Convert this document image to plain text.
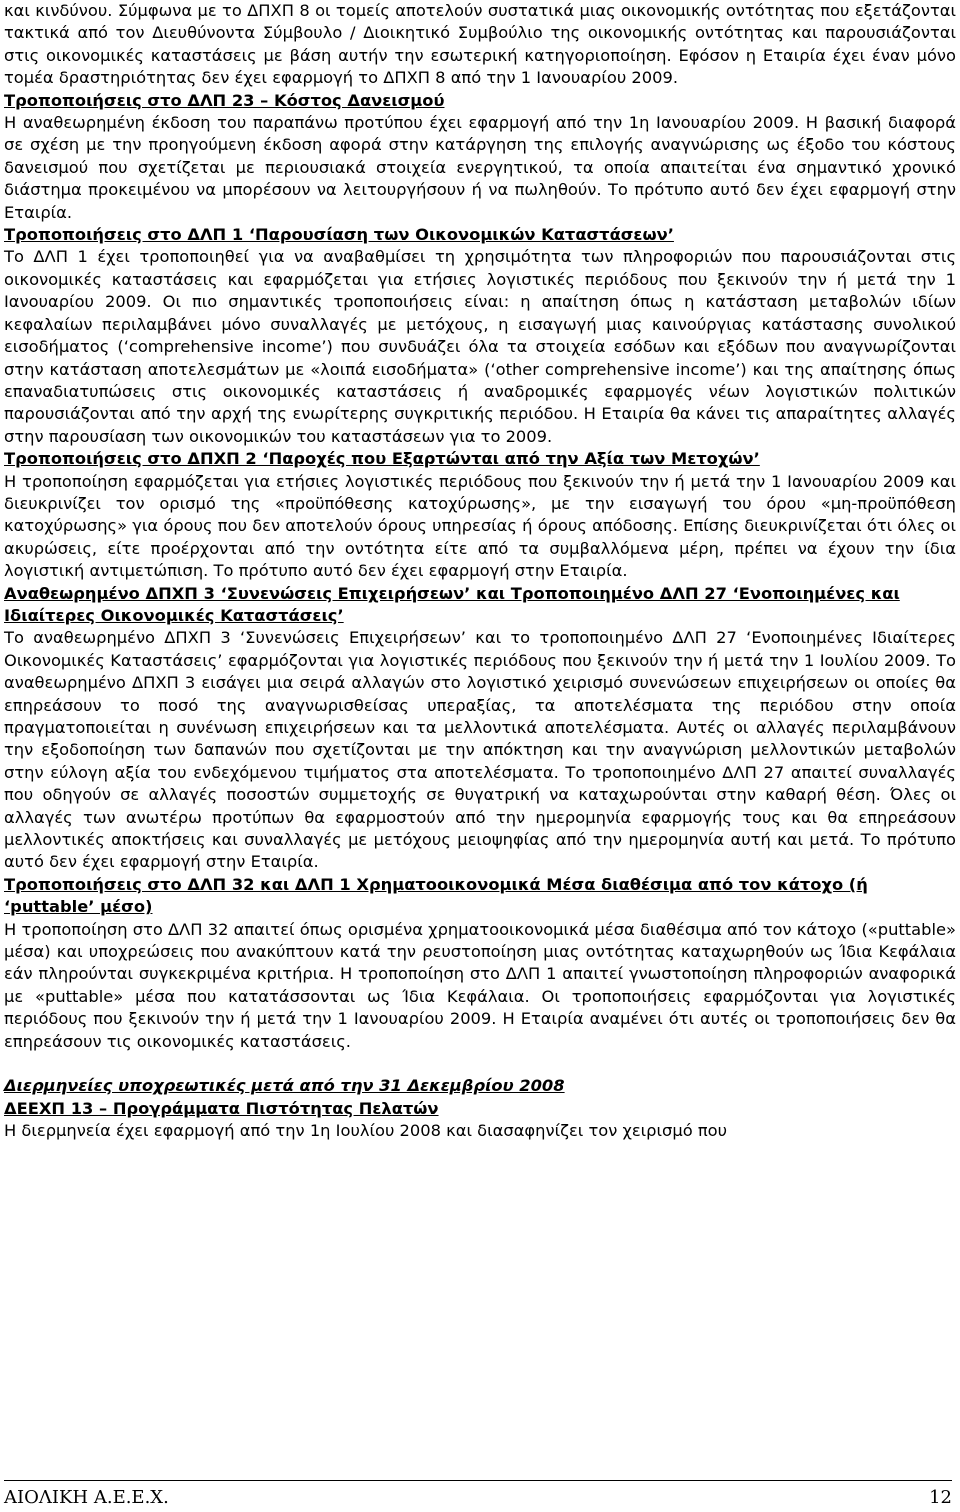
και κινδύνου. Σύμφωνα με το ΔΠΧΠ 8 οι τομείς αποτελούν συστατικά μιας οικονομικής οντότητας που εξετάζονται τακτικά από τον Διευθύνοντα Σύμβουλο / Διοικητικό Συμβούλιο της οικονομικής οντότητας και παρουσιάζονται στις οικονομικές καταστάσεις με βάση αυτήν την εσωτερική κατηγοριοποίηση. Εφόσον η Εταιρία έχει έναν μόνο τομέα δραστηριότητας δεν έχει εφαρμογή το ΔΠΧΠ 8 από την 1 Ιανουαρίου 2009.

Τροποποιήσεις στο ΔΛΠ 23 – Κόστος Δανεισμού

Η αναθεωρημένη έκδοση του παραπάνω προτύπου έχει εφαρμογή από την 1η Ιανουαρίου 2009. Η βασική διαφορά σε σχέση με την προηγούμενη έκδοση αφορά στην κατάργηση της επιλογής αναγνώρισης ως έξοδο του κόστους δανεισμού που σχετίζεται με περιουσιακά στοιχεία ενεργητικού, τα οποία απαιτείται ένα σημαντικό χρονικό διάστημα προκειμένου να μπορέσουν να λειτουργήσουν ή να πωληθούν. Το πρότυπο αυτό δεν έχει εφαρμογή στην Εταιρία.

Τροποποιήσεις στο ΔΛΠ 1 ‘Παρουσίαση των Οικονομικών Καταστάσεων’

Το ΔΛΠ 1 έχει τροποποιηθεί για να αναβαθμίσει τη χρησιμότητα των πληροφοριών που παρουσιάζονται στις οικονομικές καταστάσεις και εφαρμόζεται για ετήσιες λογιστικές περιόδους που ξεκινούν την ή μετά την 1 Ιανουαρίου 2009. Οι πιο σημαντικές τροποποιήσεις είναι: η απαίτηση όπως η κατάσταση μεταβολών ιδίων κεφαλαίων περιλαμβάνει μόνο συναλλαγές με μετόχους, η εισαγωγή μιας καινούργιας κατάστασης συνολικού εισοδήματος (‘comprehensive income’) που συνδυάζει όλα τα στοιχεία εσόδων και εξόδων που αναγνωρίζονται στην κατάσταση αποτελεσμάτων με «λοιπά εισοδήματα» (‘other comprehensive income’) και της απαίτησης όπως επαναδιατυπώσεις στις οικονομικές καταστάσεις ή αναδρομικές εφαρμογές νέων λογιστικών πολιτικών παρουσιάζονται από την αρχή της ενωρίτερης συγκριτικής περιόδου. Η Εταιρία θα κάνει τις απαραίτητες αλλαγές στην παρουσίαση των οικονομικών του καταστάσεων για το 2009.

Τροποποιήσεις στο ΔΠΧΠ 2 ‘Παροχές που Εξαρτώνται από την Αξία των Μετοχών’

Η τροποποίηση εφαρμόζεται για ετήσιες λογιστικές περιόδους που ξεκινούν την ή μετά την 1 Ιανουαρίου 2009 και διευκρινίζει τον ορισμό της «προϋπόθεσης κατοχύρωσης», με την εισαγωγή του όρου «μη-προϋπόθεση κατοχύρωσης» για όρους που δεν αποτελούν όρους υπηρεσίας ή όρους απόδοσης. Επίσης διευκρινίζεται ότι όλες οι ακυρώσεις, είτε προέρχονται από την οντότητα είτε από τα συμβαλλόμενα μέρη, πρέπει να έχουν την ίδια λογιστική αντιμετώπιση. Το πρότυπο αυτό δεν έχει εφαρμογή στην Εταιρία.

Αναθεωρημένο ΔΠΧΠ 3 ‘Συνενώσεις Επιχειρήσεων’ και Τροποποιημένο ΔΛΠ 27 ‘Ενοποιημένες και Ιδιαίτερες Οικονομικές Καταστάσεις’

Το αναθεωρημένο ΔΠΧΠ 3 ‘Συνενώσεις Επιχειρήσεων’ και το τροποποιημένο ΔΛΠ 27 ‘Ενοποιημένες Ιδιαίτερες Οικονομικές Καταστάσεις’ εφαρμόζονται για λογιστικές περιόδους που ξεκινούν την ή μετά την 1 Ιουλίου 2009. Το αναθεωρημένο ΔΠΧΠ 3 εισάγει μια σειρά αλλαγών στο λογιστικό χειρισμό συνενώσεων επιχειρήσεων οι οποίες θα επηρεάσουν το ποσό της αναγνωρισθείσας υπεραξίας, τα αποτελέσματα της περιόδου στην οποία πραγματοποιείται η συνένωση επιχειρήσεων και τα μελλοντικά αποτελέσματα. Αυτές οι αλλαγές περιλαμβάνουν την εξοδοποίηση των δαπανών που σχετίζονται με την απόκτηση και την αναγνώριση μελλοντικών μεταβολών στην εύλογη αξία του ενδεχόμενου τιμήματος στα αποτελέσματα. Το τροποποιημένο ΔΛΠ 27 απαιτεί συναλλαγές που οδηγούν σε αλλαγές ποσοστών συμμετοχής σε θυγατρική να καταχωρούνται στην καθαρή θέση. Όλες οι αλλαγές των ανωτέρω προτύπων θα εφαρμοστούν από την ημερομηνία εφαρμογής τους και θα επηρεάσουν μελλοντικές αποκτήσεις και συναλλαγές με μετόχους μειοψηφίας από την ημερομηνία αυτή και μετά. Το πρότυπο αυτό δεν έχει εφαρμογή στην Εταιρία.

Τροποποιήσεις στο ΔΛΠ 32 και ΔΛΠ 1 Χρηματοοικονομικά Μέσα διαθέσιμα από τον κάτοχο (ή ‘puttable’ μέσο)

Η τροποποίηση στο ΔΛΠ 32 απαιτεί όπως ορισμένα χρηματοοικονομικά μέσα διαθέσιμα από τον κάτοχο («puttable» μέσα) και υποχρεώσεις που ανακύπτουν κατά την ρευστοποίηση μιας οντότητας καταχωρηθούν ως Ίδια Κεφάλαια εάν πληρούνται συγκεκριμένα κριτήρια. Η τροποποίηση στο ΔΛΠ 1 απαιτεί γνωστοποίηση πληροφοριών αναφορικά με «puttable» μέσα που κατατάσσονται ως Ίδια Κεφάλαια. Οι τροποποιήσεις εφαρμόζονται για λογιστικές περιόδους που ξεκινούν την ή μετά την 1 Ιανουαρίου 2009. Η Εταιρία αναμένει ότι αυτές οι τροποποιήσεις δεν θα επηρεάσουν τις οικονομικές καταστάσεις.

Διερμηνείες υποχρεωτικές μετά από την 31 Δεκεμβρίου 2008

ΔΕΕΧΠ 13 – Προγράμματα Πιστότητας Πελατών

Η διερμηνεία έχει εφαρμογή από την 1η Ιουλίου 2008 και διασαφηνίζει τον χειρισμό που

ΑΙΟΛΙΚΗ Α.Ε.Ε.Χ.	12
